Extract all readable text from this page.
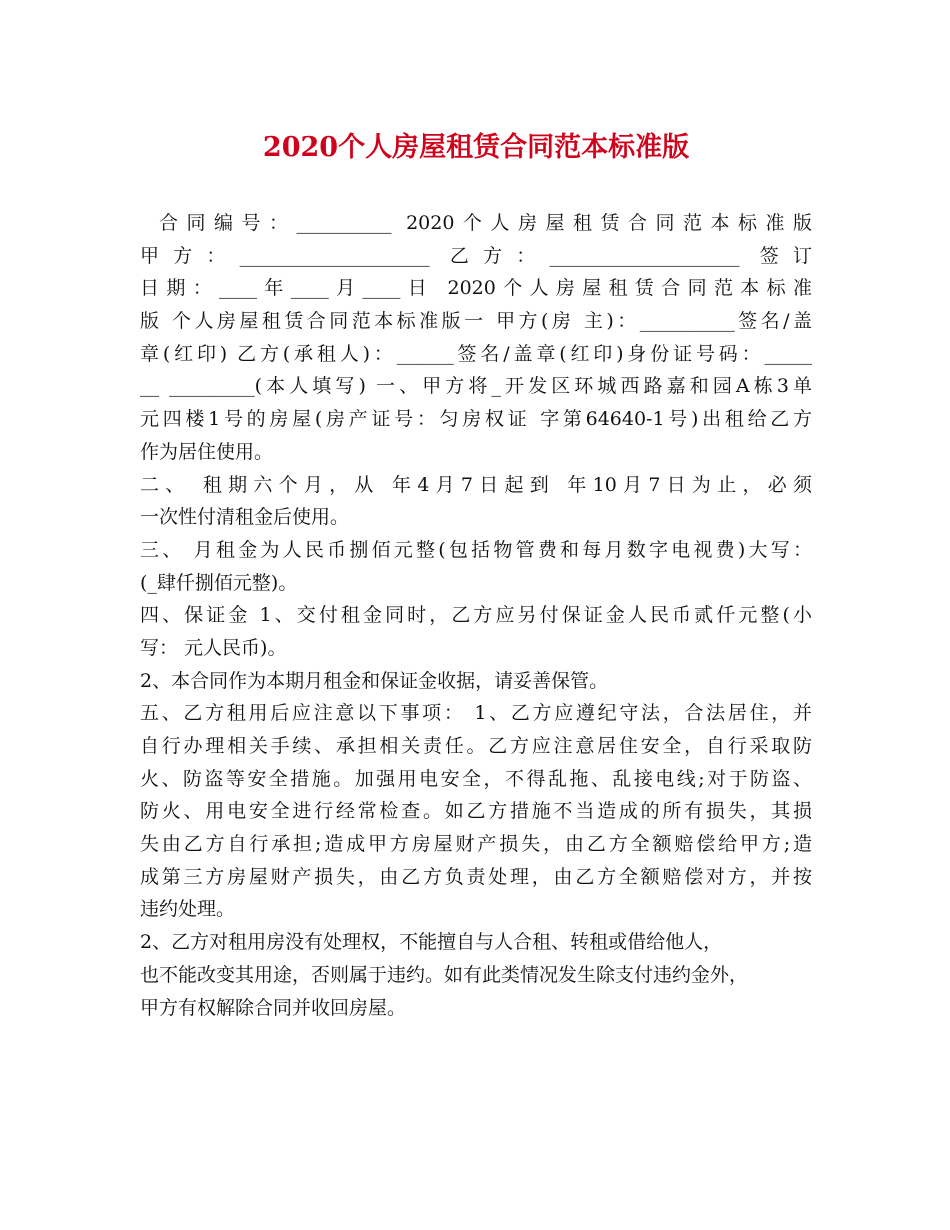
2020个人房屋租赁合同范本标准版
合同编号：__________ 2020个人房屋租赁合同范本标准版
甲方：____________________ 乙方：____________________ 签订
日期：____年____月____日 2020个人房屋租赁合同范本标准
版 个人房屋租赁合同范本标准版一 甲方(房 主)：__________签名/盖
章(红印) 乙方(承租人)：______签名/盖章(红印)身份证号码：_____
__ _________(本人填写) 一、甲方将_开发区环城西路嘉和园A栋3单
元四楼1号的房屋(房产证号：匀房权证 字第64640-1号)出租给乙方
作为居住使用。
二、 租期六个月，从 年4月7日起到 年10月7日为止，必须
一次性付清租金后使用。
三、 月租金为人民币捌佰元整(包括物管费和每月数字电视费)大写：
(_肆仟捌佰元整)。
四、保证金 1、交付租金同时，乙方应另付保证金人民币贰仟元整(小
写： 元人民币)。
2、本合同作为本期月租金和保证金收据，请妥善保管。
五、乙方租用后应注意以下事项： 1、乙方应遵纪守法，合法居住，并
自行办理相关手续、承担相关责任。乙方应注意居住安全，自行采取防
火、防盗等安全措施。加强用电安全，不得乱拖、乱接电线;对于防盗、
防火、用电安全进行经常检查。如乙方措施不当造成的所有损失，其损
失由乙方自行承担;造成甲方房屋财产损失，由乙方全额赔偿给甲方;造
成第三方房屋财产损失，由乙方负责处理，由乙方全额赔偿对方，并按
违约处理。
2、乙方对租用房没有处理权，不能擅自与人合租、转租或借给他人，
也不能改变其用途，否则属于违约。如有此类情况发生除支付违约金外，
甲方有权解除合同并收回房屋。
